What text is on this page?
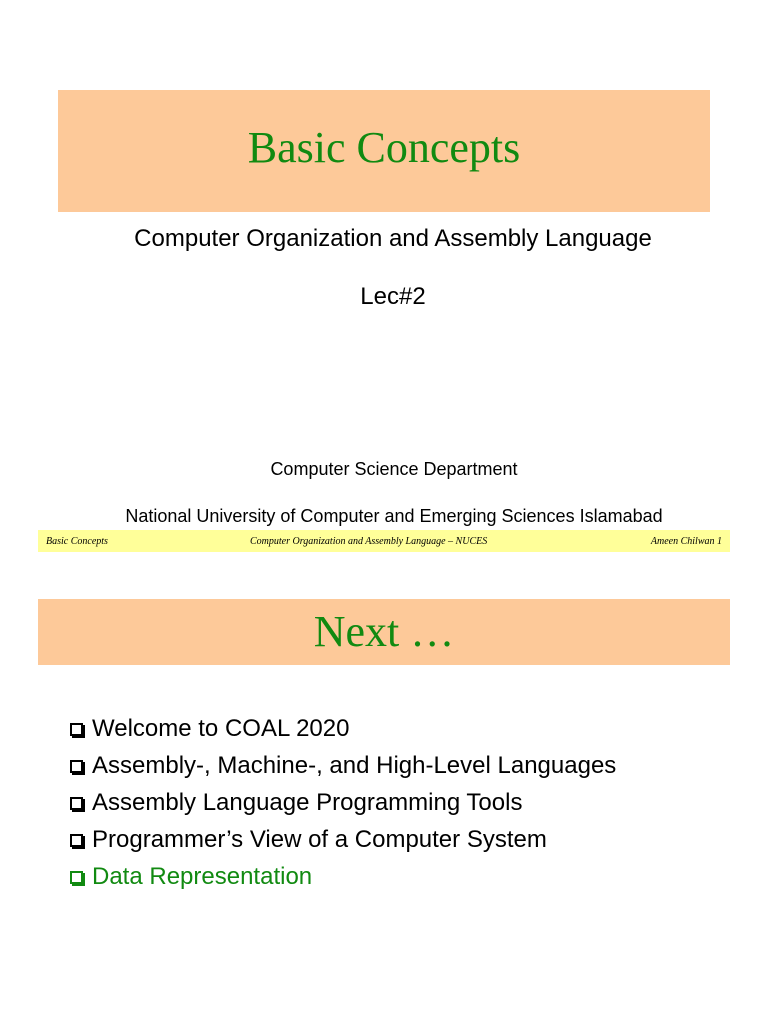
Basic Concepts
Computer Organization and Assembly Language
Lec#2
Computer Science Department
National University of Computer and Emerging Sciences Islamabad
Basic Concepts	Computer Organization and Assembly Language – NUCES	Ameen Chilwan 1
Next …
Welcome to COAL 2020
Assembly-, Machine-, and High-Level Languages
Assembly Language Programming Tools
Programmer’s View of a Computer System
Data Representation
